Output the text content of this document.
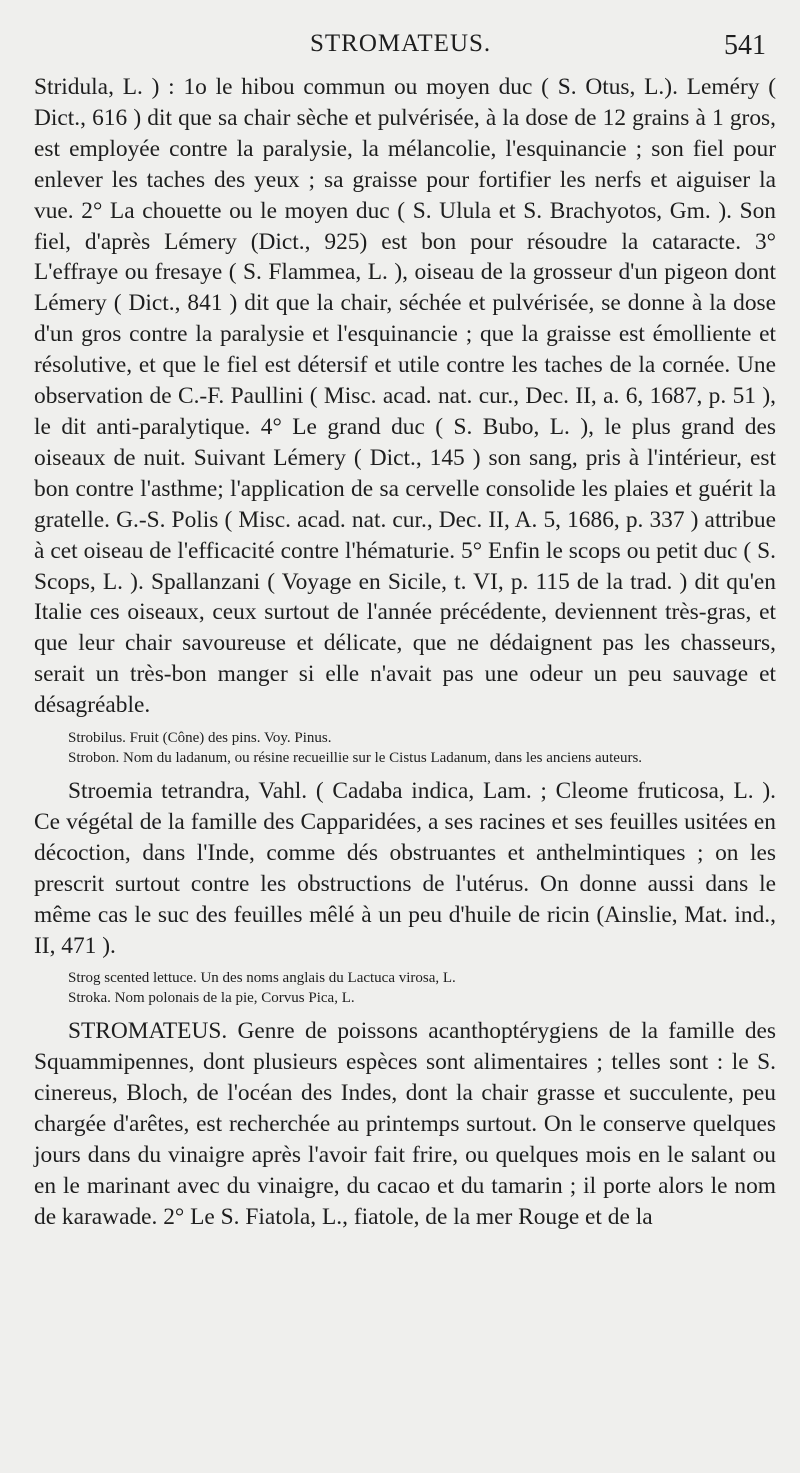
STROMATEUS.	541

Stridula, L. ) : 1o le hibou commun ou moyen duc ( S. Otus, L.). Leméry ( Dict., 616 ) dit que sa chair sèche et pulvérisée, à la dose de 12 grains à 1 gros, est employée contre la paralysie, la mélancolie, l'esquinancie ; son fiel pour enlever les taches des yeux ; sa graisse pour fortifier les nerfs et aiguiser la vue. 2° La chouette ou le moyen duc ( S. Ulula et S. Brachyotos, Gm. ). Son fiel, d'après Lémery (Dict., 925) est bon pour résoudre la cataracte. 3° L'effraye ou fresaye ( S. Flammea, L. ), oiseau de la grosseur d'un pigeon dont Lémery ( Dict., 841 ) dit que la chair, séchée et pulvérisée, se donne à la dose d'un gros contre la paralysie et l'esquinancie ; que la graisse est émolliente et résolutive, et que le fiel est détersif et utile contre les taches de la cornée. Une observation de C.-F. Paullini ( Misc. acad. nat. cur., Dec. II, a. 6, 1687, p. 51 ), le dit anti-paralytique. 4° Le grand duc ( S. Bubo, L. ), le plus grand des oiseaux de nuit. Suivant Lémery ( Dict., 145 ) son sang, pris à l'intérieur, est bon contre l'asthme; l'application de sa cervelle consolide les plaies et guérit la gratelle. G.-S. Polis ( Misc. acad. nat. cur., Dec. II, A. 5, 1686, p. 337 ) attribue à cet oiseau de l'efficacité contre l'hématurie. 5° Enfin le scops ou petit duc ( S. Scops, L. ). Spallanzani ( Voyage en Sicile, t. VI, p. 115 de la trad. ) dit qu'en Italie ces oiseaux, ceux surtout de l'année précédente, deviennent très-gras, et que leur chair savoureuse et délicate, que ne dédaignent pas les chasseurs, serait un très-bon manger si elle n'avait pas une odeur un peu sauvage et désagréable.

Strobilus. Fruit (Cône) des pins. Voy. Pinus.

Strobon. Nom du ladanum, ou résine recueillie sur le Cistus Ladanum, dans les anciens auteurs.

Stroemia tetrandra, Vahl. ( Cadaba indica, Lam. ; Cleome fruticosa, L. ). Ce végétal de la famille des Capparidées, a ses racines et ses feuilles usitées en décoction, dans l'Inde, comme dés obstruantes et anthelmintiques ; on les prescrit surtout contre les obstructions de l'utérus. On donne aussi dans le même cas le suc des feuilles mêlé à un peu d'huile de ricin (Ainslie, Mat. ind., II, 471 ).

Strog scented lettuce. Un des noms anglais du Lactuca virosa, L.

Stroka. Nom polonais de la pie, Corvus Pica, L.

STROMATEUS. Genre de poissons acanthoptérygiens de la famille des Squammipennes, dont plusieurs espèces sont alimentaires ; telles sont : le S. cinereus, Bloch, de l'océan des Indes, dont la chair grasse et succulente, peu chargée d'arêtes, est recherchée au printemps surtout. On le conserve quelques jours dans du vinaigre après l'avoir fait frire, ou quelques mois en le salant ou en le marinant avec du vinaigre, du cacao et du tamarin ; il porte alors le nom de karawade. 2° Le S. Fiatola, L., fiatole, de la mer Rouge et de la
